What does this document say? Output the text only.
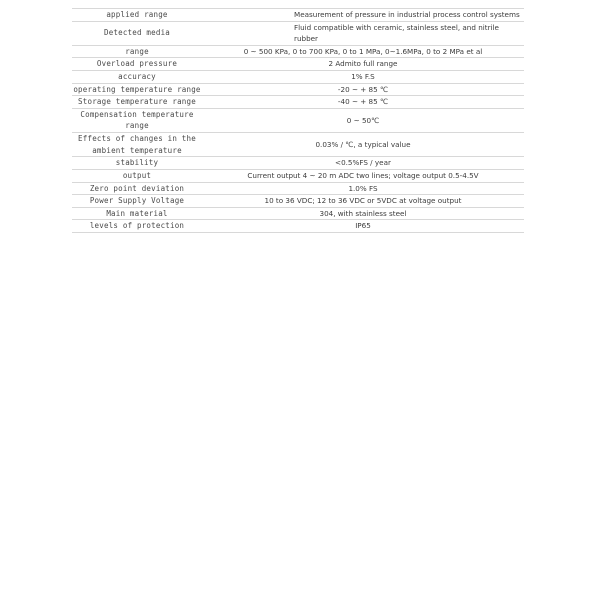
applied range	Measurement of pressure in industrial process control systems
Detected media	Fluid compatible with ceramic, stainless steel, and nitrile rubber
range	0 ~ 500 KPa, 0 to 700 KPa, 0 to 1 MPa, 0~1.6MPa, 0 to 2 MPa et al
Overload pressure	2 Admito full range
accuracy	1% F.S
operating temperature range	-20 ~ + 85 ℃
Storage temperature range	-40 ~ + 85 ℃
Compensation temperature range	0 ~ 50℃
Effects of changes in the ambient temperature	0.03% / ℃, a typical value
stability	<0.5%FS / year
output	Current output 4 ~ 20 m ADC two lines; voltage output 0.5-4.5V
Zero point deviation	1.0% FS
Power Supply Voltage	10 to 36 VDC; 12 to 36 VDC or 5VDC at voltage output
Main material	304, with stainless steel
levels of protection	IP65
